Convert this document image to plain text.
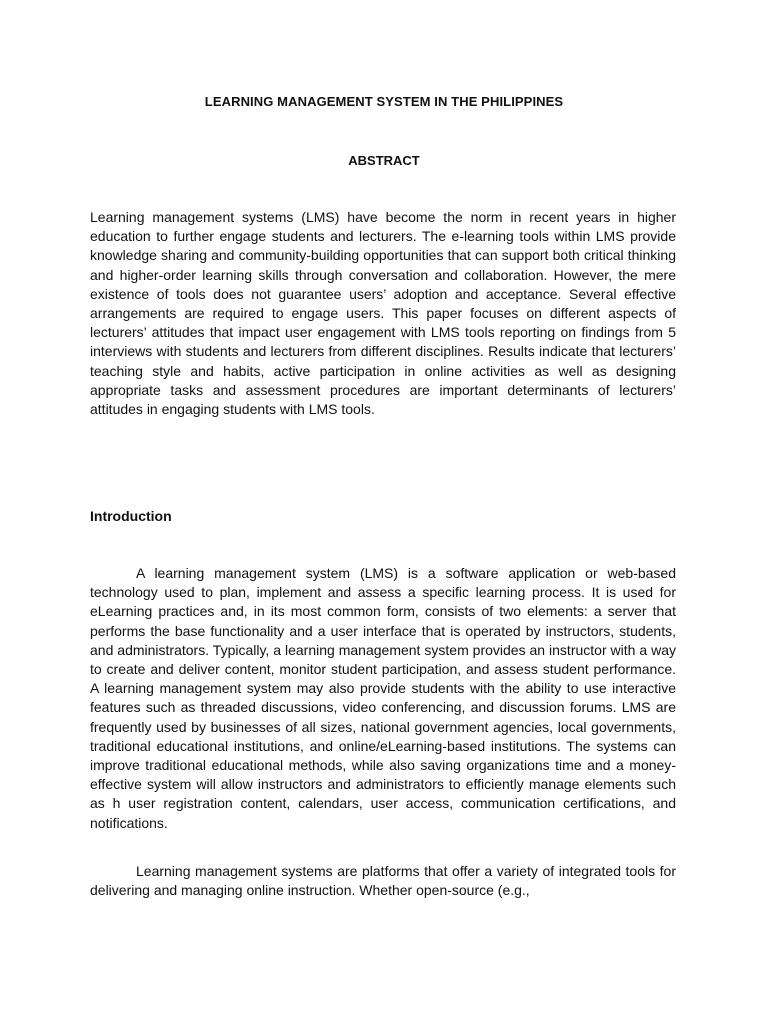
LEARNING MANAGEMENT SYSTEM IN THE PHILIPPINES
ABSTRACT

Learning management systems (LMS) have become the norm in recent years in higher education to further engage students and lecturers. The e-learning tools within LMS provide knowledge sharing and community-building opportunities that can support both critical thinking and higher-order learning skills through conversation and collaboration. However, the mere existence of tools does not guarantee users’ adoption and acceptance. Several effective arrangements are required to engage users. This paper focuses on different aspects of lecturers’ attitudes that impact user engagement with LMS tools reporting on findings from 5 interviews with students and lecturers from different disciplines. Results indicate that lecturers’ teaching style and habits, active participation in online activities as well as designing appropriate tasks and assessment procedures are important determinants of lecturers’ attitudes in engaging students with LMS tools.

Introduction

A learning management system (LMS) is a software application or web-based technology used to plan, implement and assess a specific learning process. It is used for eLearning practices and, in its most common form, consists of two elements: a server that performs the base functionality and a user interface that is operated by instructors, students, and administrators. Typically, a learning management system provides an instructor with a way to create and deliver content, monitor student participation, and assess student performance. A learning management system may also provide students with the ability to use interactive features such as threaded discussions, video conferencing, and discussion forums. LMS are frequently used by businesses of all sizes, national government agencies, local governments, traditional educational institutions, and online/eLearning-based institutions. The systems can improve traditional educational methods, while also saving organizations time and a money-effective system will allow instructors and administrators to efficiently manage elements such as h user registration content, calendars, user access, communication certifications, and notifications.

Learning management systems are platforms that offer a variety of integrated tools for delivering and managing online instruction. Whether open-source (e.g.,
